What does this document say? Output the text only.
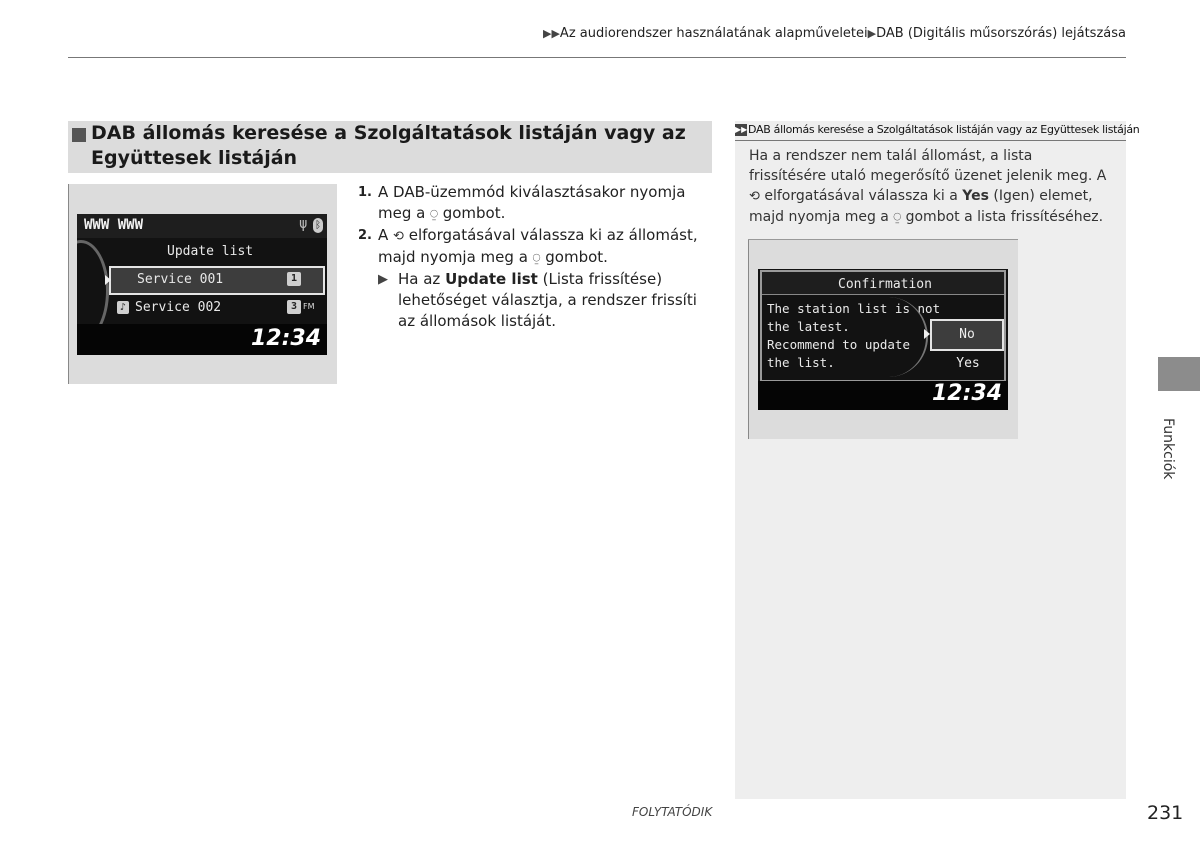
▶▶Az audiorendszer használatának alapműveletei▶DAB (Digitális műsorszórás) lejátszása
DAB állomás keresése a Szolgáltatások listáján vagy az
Együttesek listáján
WWW WWW	ψ ᛒ
Update list
Service 001	1
♪ Service 002	3 FM
12:34
1. A DAB-üzemmód kiválasztásakor nyomja meg a ⍜ gombot.
2. A ⟲ elforgatásával válassza ki az állomást, majd nyomja meg a ⍜ gombot.
▶ Ha az Update list (Lista frissítése) lehetőséget választja, a rendszer frissíti az állomások listáját.
▶▶ DAB állomás keresése a Szolgáltatások listáján vagy az Együttesek listáján
Ha a rendszer nem talál állomást, a lista frissítésére utaló megerősítő üzenet jelenik meg. A ⟲ elforgatásával válassza ki a Yes (Igen) elemet, majd nyomja meg a ⍜ gombot a lista frissítéséhez.
Confirmation
The station list is not
the latest.
Recommend to update
the list.
No
Yes
12:34
Funkciók
FOLYTATÓDIK	231
